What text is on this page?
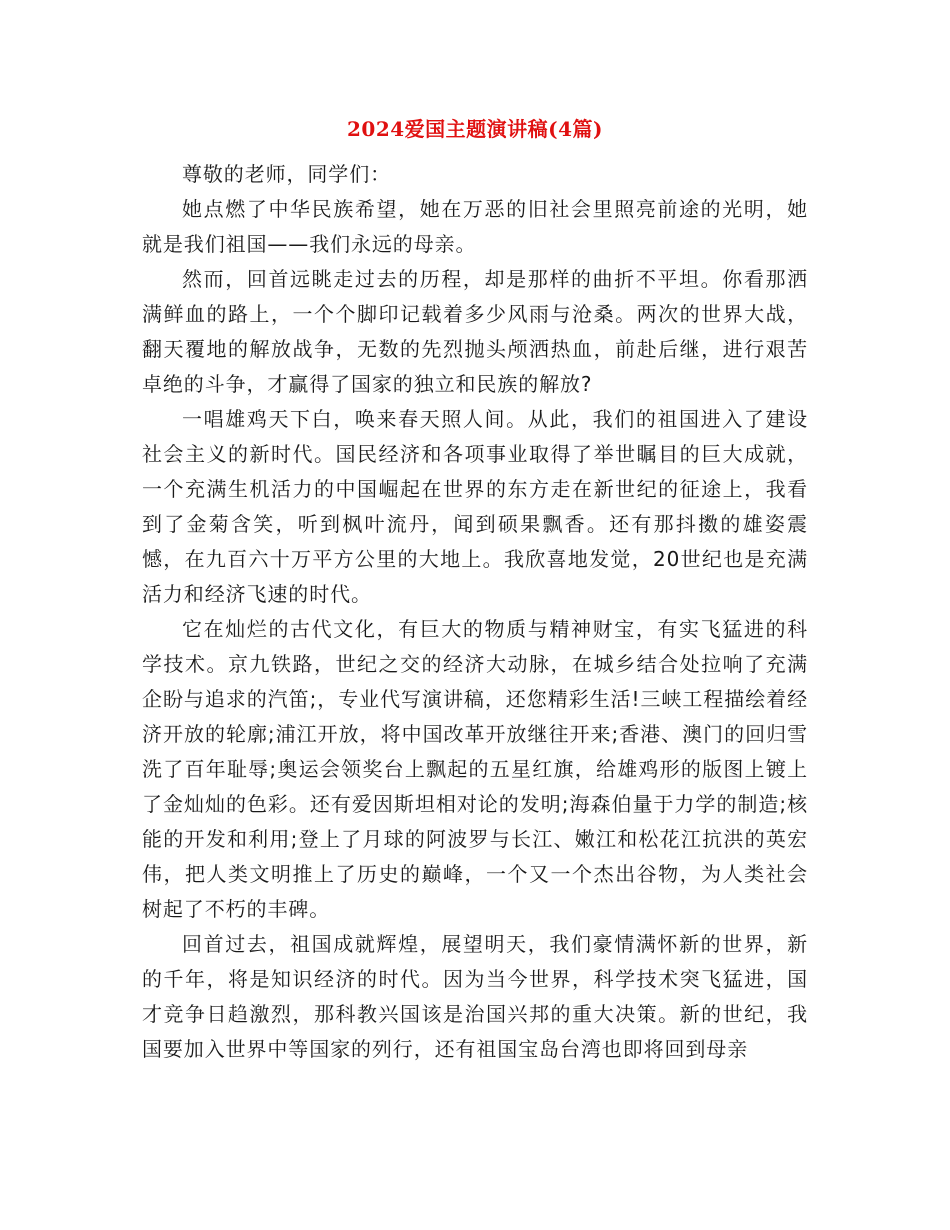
2024爱国主题演讲稿(4篇)

尊敬的老师，同学们：

她点燃了中华民族希望，她在万恶的旧社会里照亮前途的光明，她就是我们祖国——我们永远的母亲。

然而，回首远眺走过去的历程，却是那样的曲折不平坦。你看那洒满鲜血的路上，一个个脚印记载着多少风雨与沧桑。两次的世界大战，翻天覆地的解放战争，无数的先烈抛头颅洒热血，前赴后继，进行艰苦卓绝的斗争，才赢得了国家的独立和民族的解放?

一唱雄鸡天下白，唤来春天照人间。从此，我们的祖国进入了建设社会主义的新时代。国民经济和各项事业取得了举世瞩目的巨大成就，一个充满生机活力的中国崛起在世界的东方走在新世纪的征途上，我看到了金菊含笑，听到枫叶流丹，闻到硕果飘香。还有那抖擞的雄姿震憾，在九百六十万平方公里的大地上。我欣喜地发觉，20世纪也是充满活力和经济飞速的时代。

它在灿烂的古代文化，有巨大的物质与精神财宝，有实飞猛进的科学技术。京九铁路，世纪之交的经济大动脉，在城乡结合处拉响了充满企盼与追求的汽笛;，专业代写演讲稿，还您精彩生活!三峡工程描绘着经济开放的轮廓;浦江开放，将中国改革开放继往开来;香港、澳门的回归雪洗了百年耻辱;奥运会领奖台上飘起的五星红旗，给雄鸡形的版图上镀上了金灿灿的色彩。还有爱因斯坦相对论的发明;海森伯量于力学的制造;核能的开发和利用;登上了月球的阿波罗与长江、嫩江和松花江抗洪的英宏伟，把人类文明推上了历史的巅峰，一个又一个杰出谷物，为人类社会树起了不朽的丰碑。

回首过去，祖国成就辉煌，展望明天，我们豪情满怀新的世界，新的千年，将是知识经济的时代。因为当今世界，科学技术突飞猛进，国才竞争日趋激烈，那科教兴国该是治国兴邦的重大决策。新的世纪，我国要加入世界中等国家的列行，还有祖国宝岛台湾也即将回到母亲
